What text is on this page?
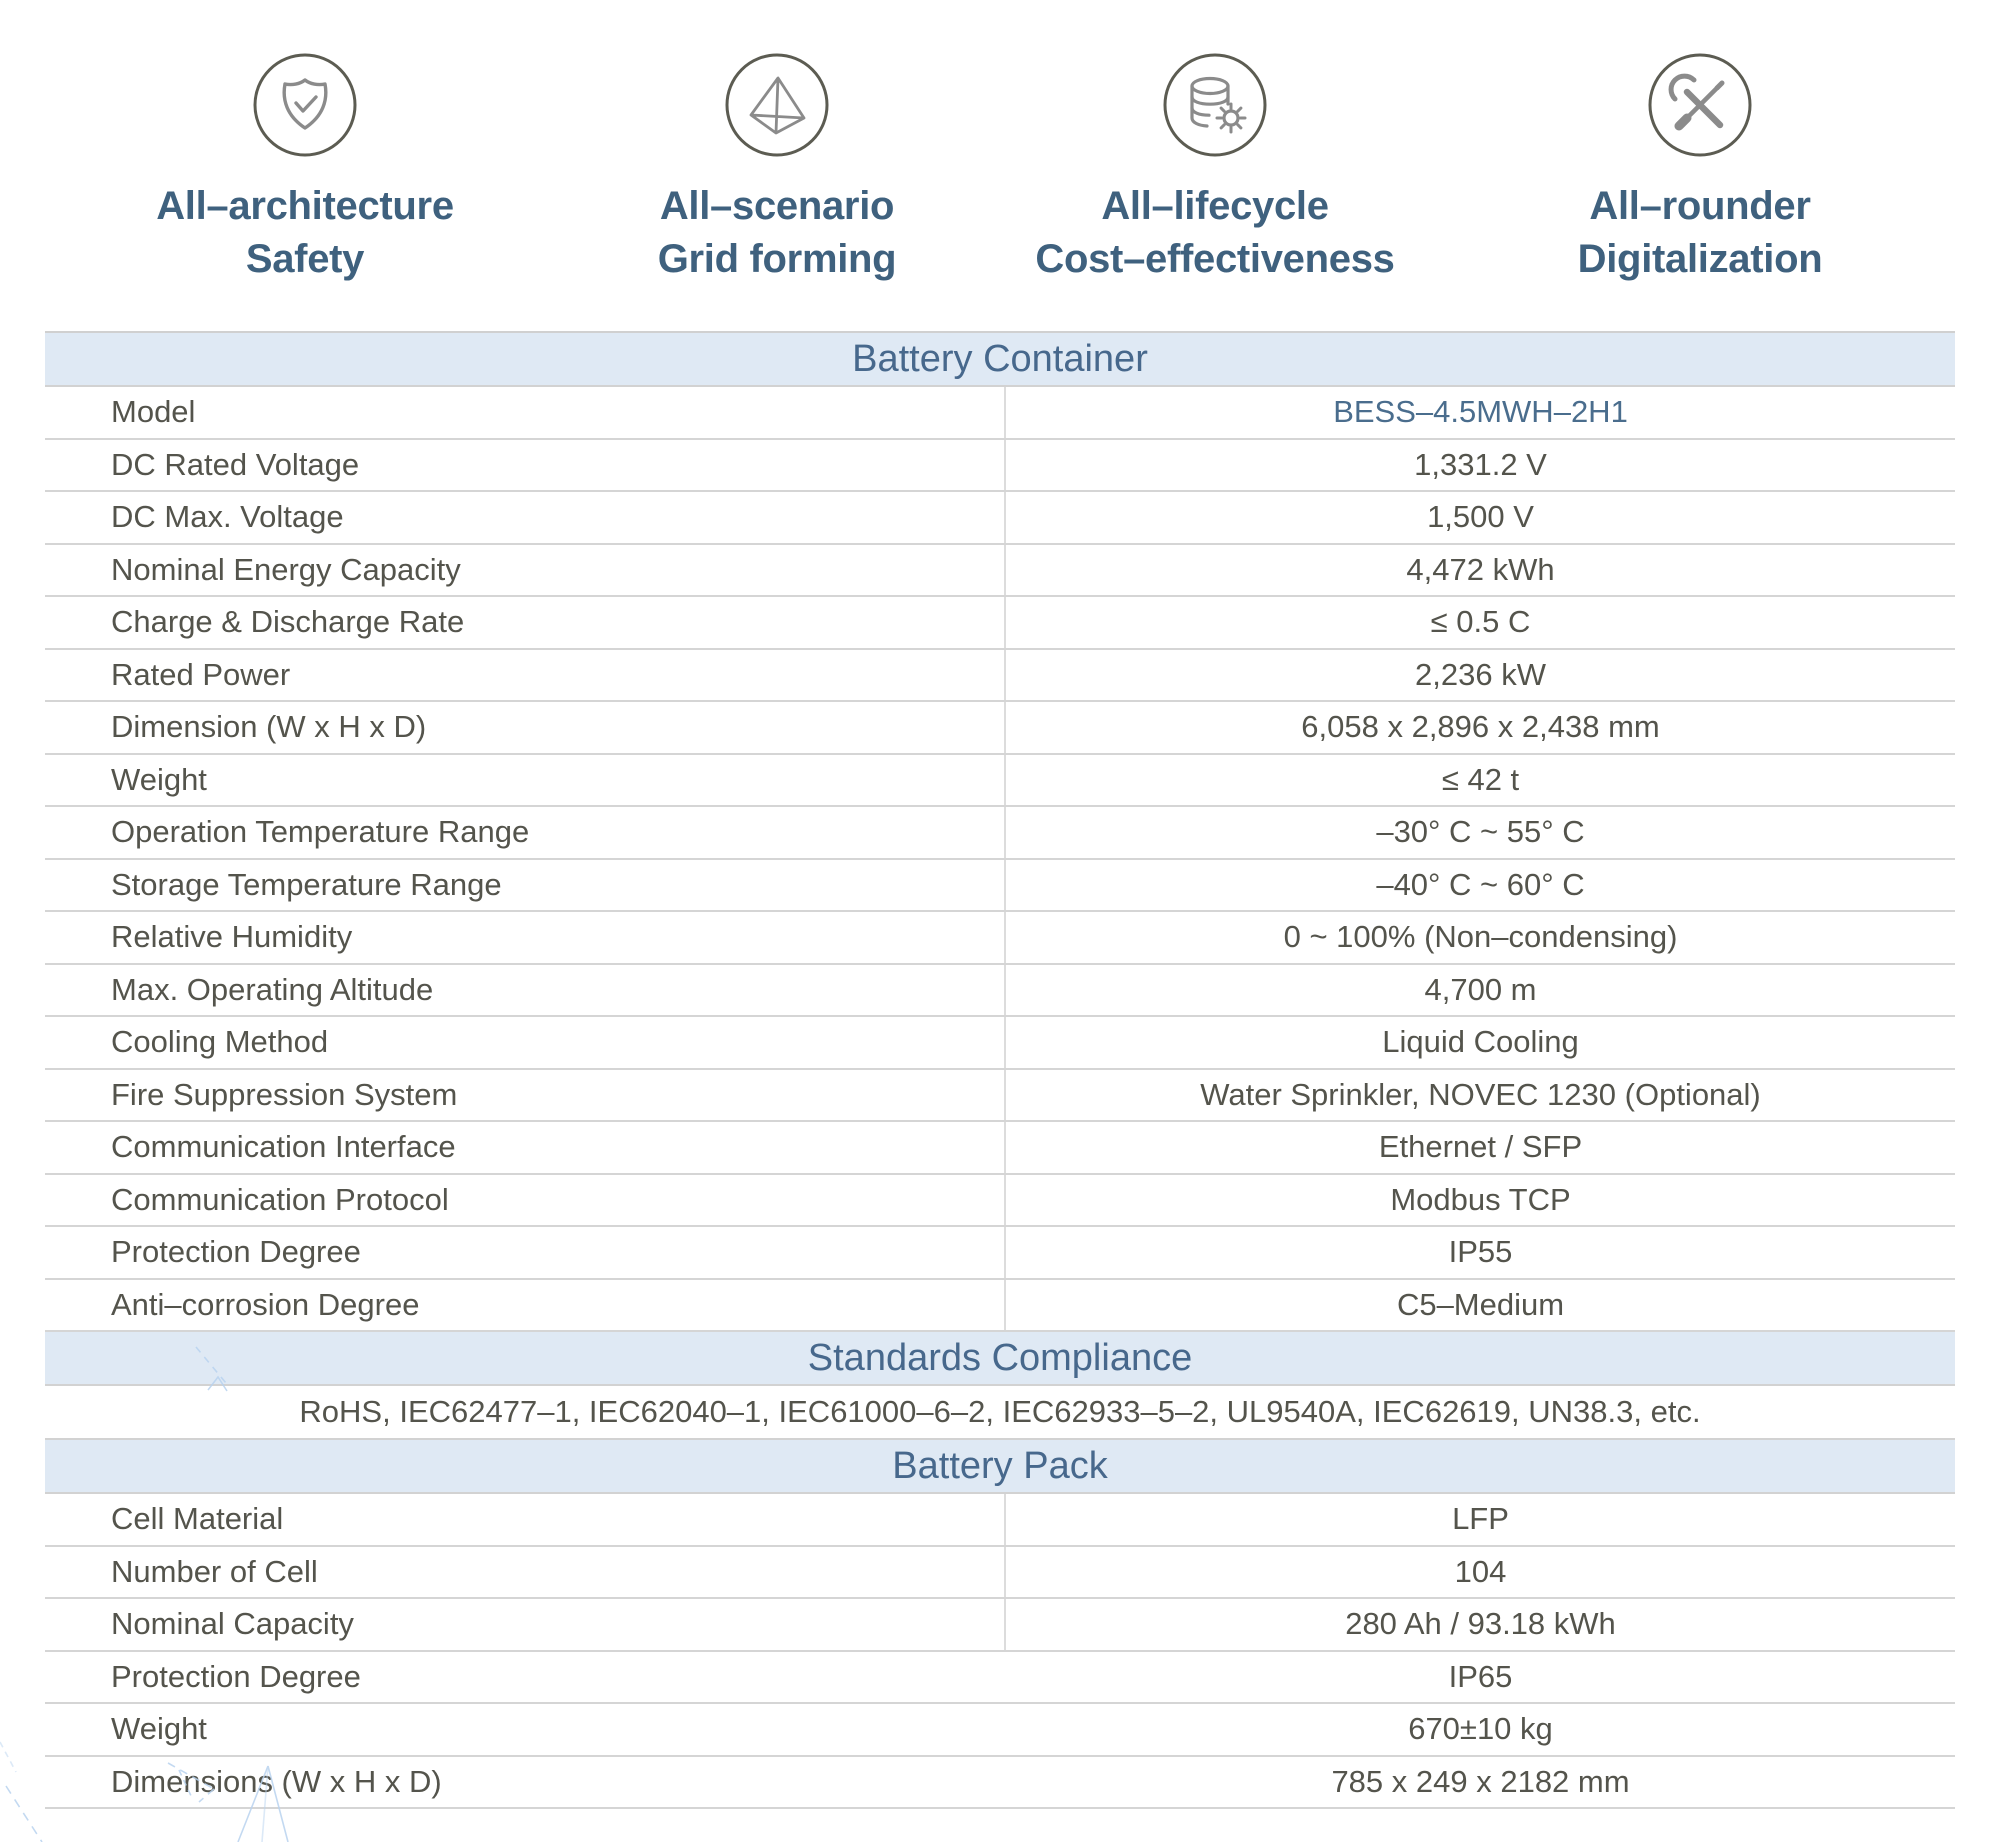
All–architecture
Safety
All–scenario
Grid forming
All–lifecycle
Cost–effectiveness
All–rounder
Digitalization
Battery Container
Model	BESS–4.5MWH–2H1
DC Rated Voltage	1,331.2 V
DC Max. Voltage	1,500 V
Nominal Energy Capacity	4,472 kWh
Charge & Discharge Rate	≤ 0.5 C
Rated Power	2,236 kW
Dimension (W x H x D)	6,058 x 2,896 x 2,438 mm
Weight	≤ 42 t
Operation Temperature Range	–30° C ~ 55° C
Storage Temperature Range	–40° C ~ 60° C
Relative Humidity	0 ~ 100% (Non–condensing)
Max. Operating Altitude	4,700 m
Cooling Method	Liquid Cooling
Fire Suppression System	Water Sprinkler, NOVEC 1230 (Optional)
Communication Interface	Ethernet / SFP
Communication Protocol	Modbus TCP
Protection Degree	IP55
Anti–corrosion Degree	C5–Medium
Standards Compliance
RoHS, IEC62477–1, IEC62040–1, IEC61000–6–2, IEC62933–5–2, UL9540A, IEC62619, UN38.3, etc.
Battery Pack
Cell Material	LFP
Number of Cell	104
Nominal Capacity	280 Ah / 93.18 kWh
Protection Degree	IP65
Weight	670±10 kg
Dimensions (W x H x D)	785 x 249 x 2182 mm
